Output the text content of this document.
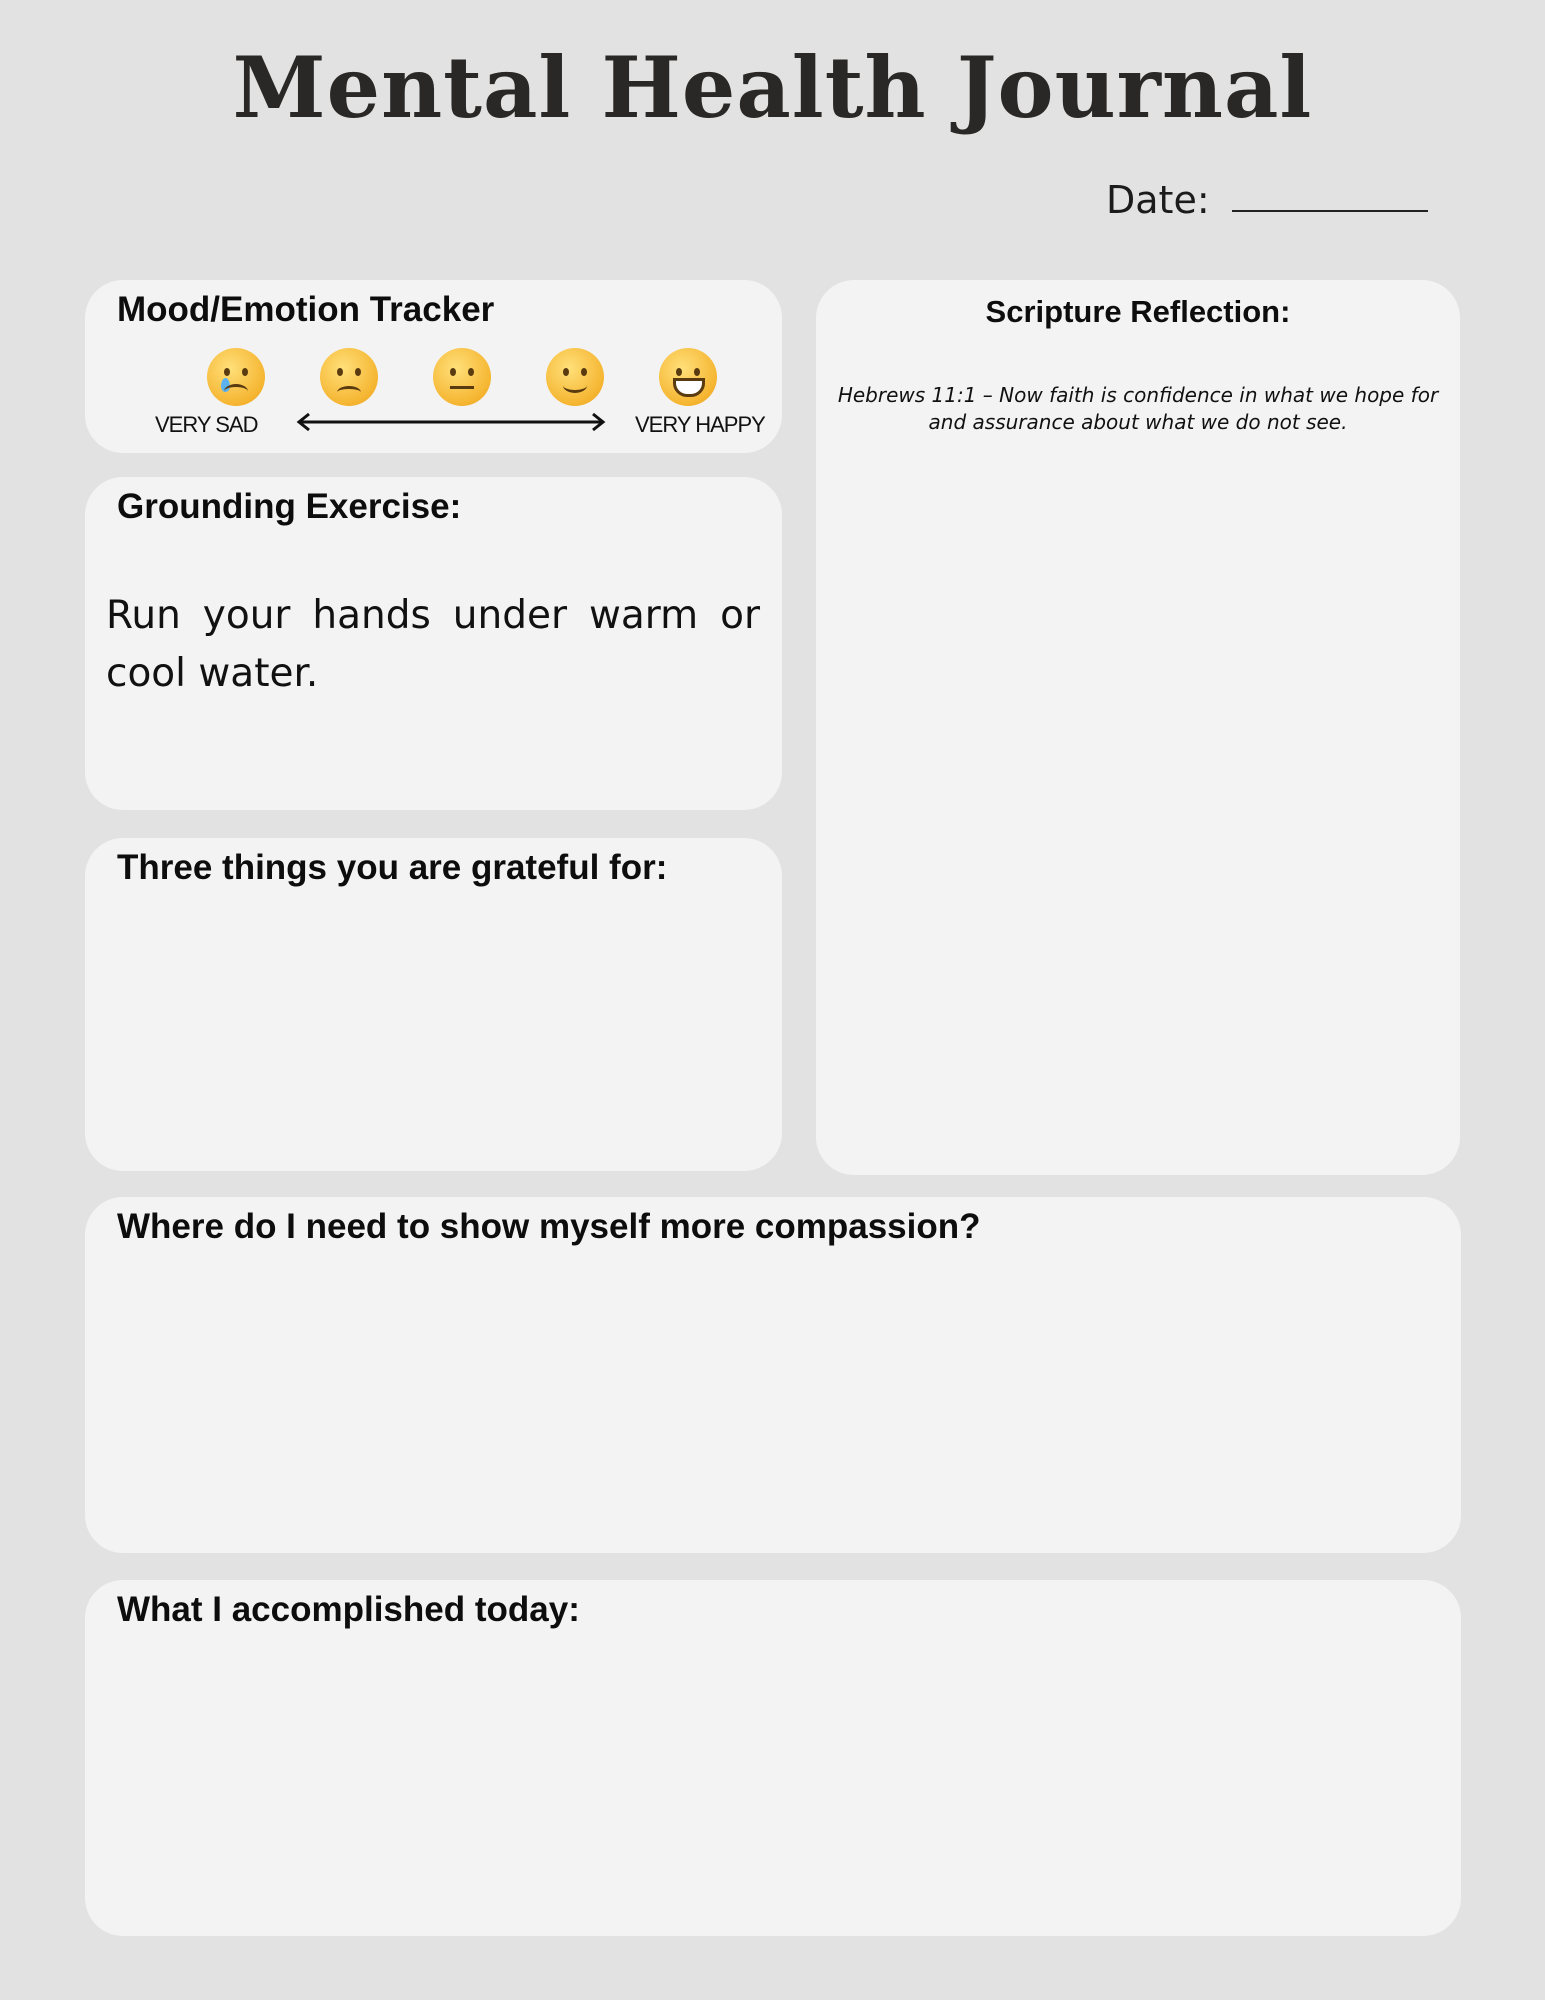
Mental Health Journal
Date:
Mood/Emotion Tracker
VERY SAD	VERY HAPPY
Grounding Exercise:
Run your hands under warm or cool water.
Three things you are grateful for:
Scripture Reflection:
Hebrews 11:1 – Now faith is confidence in what we hope for and assurance about what we do not see.
Where do I need to show myself more compassion?
What I accomplished today:
